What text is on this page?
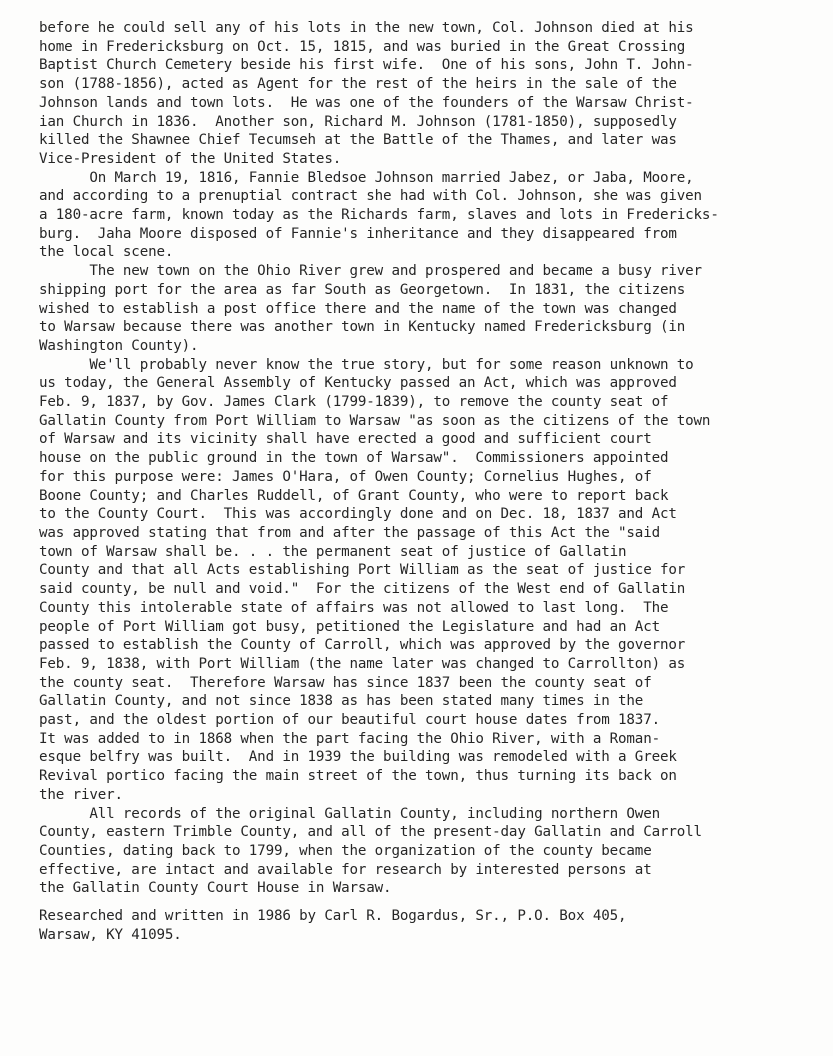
before he could sell any of his lots in the new town, Col. Johnson died at his
home in Fredericksburg on Oct. 15, 1815, and was buried in the Great Crossing
Baptist Church Cemetery beside his first wife.  One of his sons, John T. John-
son (1788-1856), acted as Agent for the rest of the heirs in the sale of the
Johnson lands and town lots.  He was one of the founders of the Warsaw Christ-
ian Church in 1836.  Another son, Richard M. Johnson (1781-1850), supposedly
killed the Shawnee Chief Tecumseh at the Battle of the Thames, and later was
Vice-President of the United States.

On March 19, 1816, Fannie Bledsoe Johnson married Jabez, or Jaba, Moore,
and according to a prenuptial contract she had with Col. Johnson, she was given
a 180-acre farm, known today as the Richards farm, slaves and lots in Fredericks-
burg.  Jaha Moore disposed of Fannie's inheritance and they disappeared from
the local scene.

The new town on the Ohio River grew and prospered and became a busy river
shipping port for the area as far South as Georgetown.  In 1831, the citizens
wished to establish a post office there and the name of the town was changed
to Warsaw because there was another town in Kentucky named Fredericksburg (in
Washington County).

We'll probably never know the true story, but for some reason unknown to
us today, the General Assembly of Kentucky passed an Act, which was approved
Feb. 9, 1837, by Gov. James Clark (1799-1839), to remove the county seat of
Gallatin County from Port William to Warsaw "as soon as the citizens of the town
of Warsaw and its vicinity shall have erected a good and sufficient court
house on the public ground in the town of Warsaw".  Commissioners appointed
for this purpose were: James O'Hara, of Owen County; Cornelius Hughes, of
Boone County; and Charles Ruddell, of Grant County, who were to report back
to the County Court.  This was accordingly done and on Dec. 18, 1837 and Act
was approved stating that from and after the passage of this Act the "said
town of Warsaw shall be. . . the permanent seat of justice of Gallatin
County and that all Acts establishing Port William as the seat of justice for
said county, be null and void."  For the citizens of the West end of Gallatin
County this intolerable state of affairs was not allowed to last long.  The
people of Port William got busy, petitioned the Legislature and had an Act
passed to establish the County of Carroll, which was approved by the governor
Feb. 9, 1838, with Port William (the name later was changed to Carrollton) as
the county seat.  Therefore Warsaw has since 1837 been the county seat of
Gallatin County, and not since 1838 as has been stated many times in the
past, and the oldest portion of our beautiful court house dates from 1837.
It was added to in 1868 when the part facing the Ohio River, with a Roman-
esque belfry was built.  And in 1939 the building was remodeled with a Greek
Revival portico facing the main street of the town, thus turning its back on
the river.

All records of the original Gallatin County, including northern Owen
County, eastern Trimble County, and all of the present-day Gallatin and Carroll
Counties, dating back to 1799, when the organization of the county became
effective, are intact and available for research by interested persons at
the Gallatin County Court House in Warsaw.

Researched and written in 1986 by Carl R. Bogardus, Sr., P.O. Box 405,
Warsaw, KY 41095.
